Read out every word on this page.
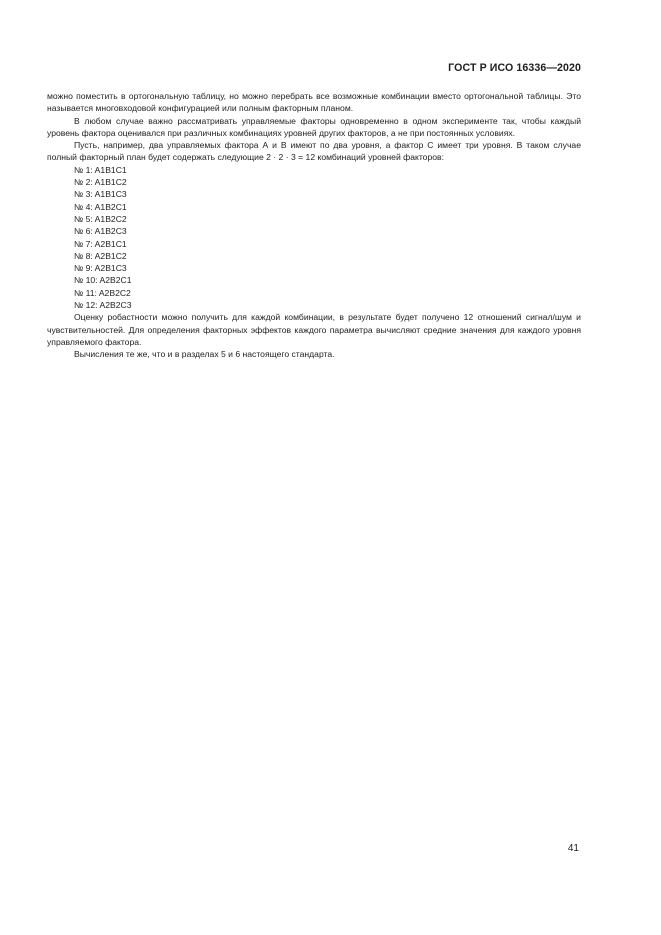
ГОСТ Р ИСО 16336—2020

можно поместить в ортогональную таблицу, но можно перебрать все возможные комбинации вместо ортогональной таблицы. Это называется многовходовой конфигурацией или полным факторным планом.

В любом случае важно рассматривать управляемые факторы одновременно в одном эксперименте так, чтобы каждый уровень фактора оценивался при различных комбинациях уровней других факторов, а не при постоянных условиях.

Пусть, например, два управляемых фактора А и В имеют по два уровня, а фактор С имеет три уровня. В таком случае полный факторный план будет содержать следующие 2 · 2 · 3 = 12 комбинаций уровней факторов:

№ 1: A1B1C1
№ 2: A1B1C2
№ 3: A1B1C3
№ 4: A1B2C1
№ 5: A1B2C2
№ 6: A1B2C3
№ 7: A2B1C1
№ 8: A2B1C2
№ 9: A2B1C3
№ 10: A2B2C1
№ 11: A2B2C2
№ 12: A2B2C3

Оценку робастности можно получить для каждой комбинации, в результате будет получено 12 отношений сигнал/шум и чувствительностей. Для определения факторных эффектов каждого параметра вычисляют средние значения для каждого уровня управляемого фактора.

Вычисления те же, что и в разделах 5 и 6 настоящего стандарта.

41
